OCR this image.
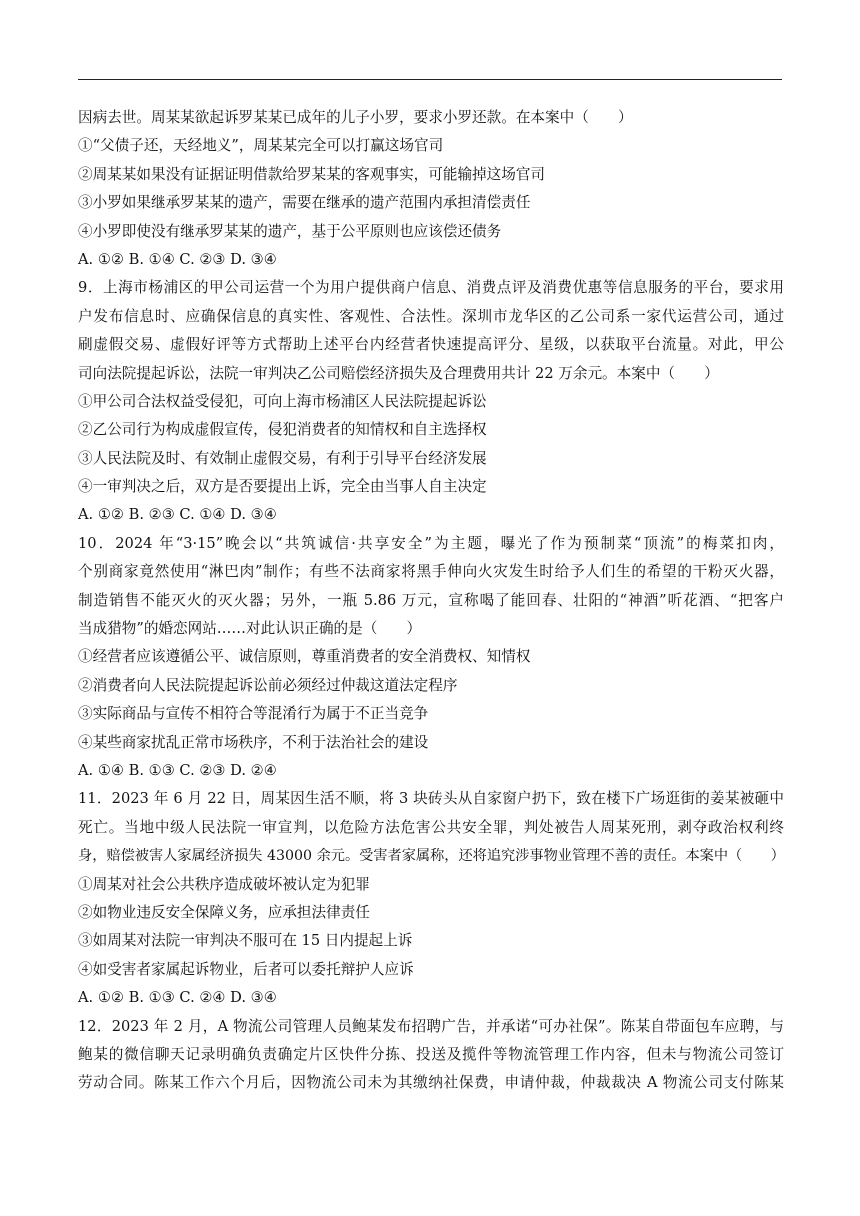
因病去世。周某某欲起诉罗某某已成年的儿子小罗，要求小罗还款。在本案中（　　）
①“父债子还，天经地义”，周某某完全可以打赢这场官司
②周某某如果没有证据证明借款给罗某某的客观事实，可能输掉这场官司
③小罗如果继承罗某某的遗产，需要在继承的遗产范围内承担清偿责任
④小罗即使没有继承罗某某的遗产，基于公平原则也应该偿还债务
A. ①② B. ①④ C. ②③ D. ③④
9．上海市杨浦区的甲公司运营一个为用户提供商户信息、消费点评及消费优惠等信息服务的平台，要求用
户发布信息时、应确保信息的真实性、客观性、合法性。深圳市龙华区的乙公司系一家代运营公司，通过
刷虚假交易、虚假好评等方式帮助上述平台内经营者快速提高评分、星级，以获取平台流量。对此，甲公
司向法院提起诉讼，法院一审判决乙公司赔偿经济损失及合理费用共计 22 万余元。本案中（　　）
①甲公司合法权益受侵犯，可向上海市杨浦区人民法院提起诉讼
②乙公司行为构成虚假宣传，侵犯消费者的知情权和自主选择权
③人民法院及时、有效制止虚假交易，有利于引导平台经济发展
④一审判决之后，双方是否要提出上诉，完全由当事人自主决定
A. ①② B. ②③ C. ①④ D. ③④
10．2024 年“3·15”晚会以“共筑诚信·共享安全”为主题，曝光了作为预制菜“顶流”的梅菜扣肉，
个别商家竟然使用“淋巴肉”制作；有些不法商家将黑手伸向火灾发生时给予人们生的希望的干粉灭火器，
制造销售不能灭火的灭火器；另外，一瓶 5.86 万元，宣称喝了能回春、壮阳的“神酒”听花酒、“把客户
当成猎物”的婚恋网站……对此认识正确的是（　　）
①经营者应该遵循公平、诚信原则，尊重消费者的安全消费权、知情权
②消费者向人民法院提起诉讼前必须经过仲裁这道法定程序
③实际商品与宣传不相符合等混淆行为属于不正当竞争
④某些商家扰乱正常市场秩序，不利于法治社会的建设
A. ①④ B. ①③ C. ②③ D. ②④
11．2023 年 6 月 22 日，周某因生活不顺，将 3 块砖头从自家窗户扔下，致在楼下广场逛街的姜某被砸中
死亡。当地中级人民法院一审宣判，以危险方法危害公共安全罪，判处被告人周某死刑，剥夺政治权利终
身，赔偿被害人家属经济损失 43000 余元。受害者家属称，还将追究涉事物业管理不善的责任。本案中（　　）
①周某对社会公共秩序造成破坏被认定为犯罪
②如物业违反安全保障义务，应承担法律责任
③如周某对法院一审判决不服可在 15 日内提起上诉
④如受害者家属起诉物业，后者可以委托辩护人应诉
A. ①② B. ①③ C. ②④ D. ③④
12．2023 年 2 月，A 物流公司管理人员鲍某发布招聘广告，并承诺“可办社保”。陈某自带面包车应聘，与
鲍某的微信聊天记录明确负责确定片区快件分拣、投送及揽件等物流管理工作内容，但未与物流公司签订
劳动合同。陈某工作六个月后，因物流公司未为其缴纳社保费，申请仲裁，仲裁裁决 A 物流公司支付陈某
